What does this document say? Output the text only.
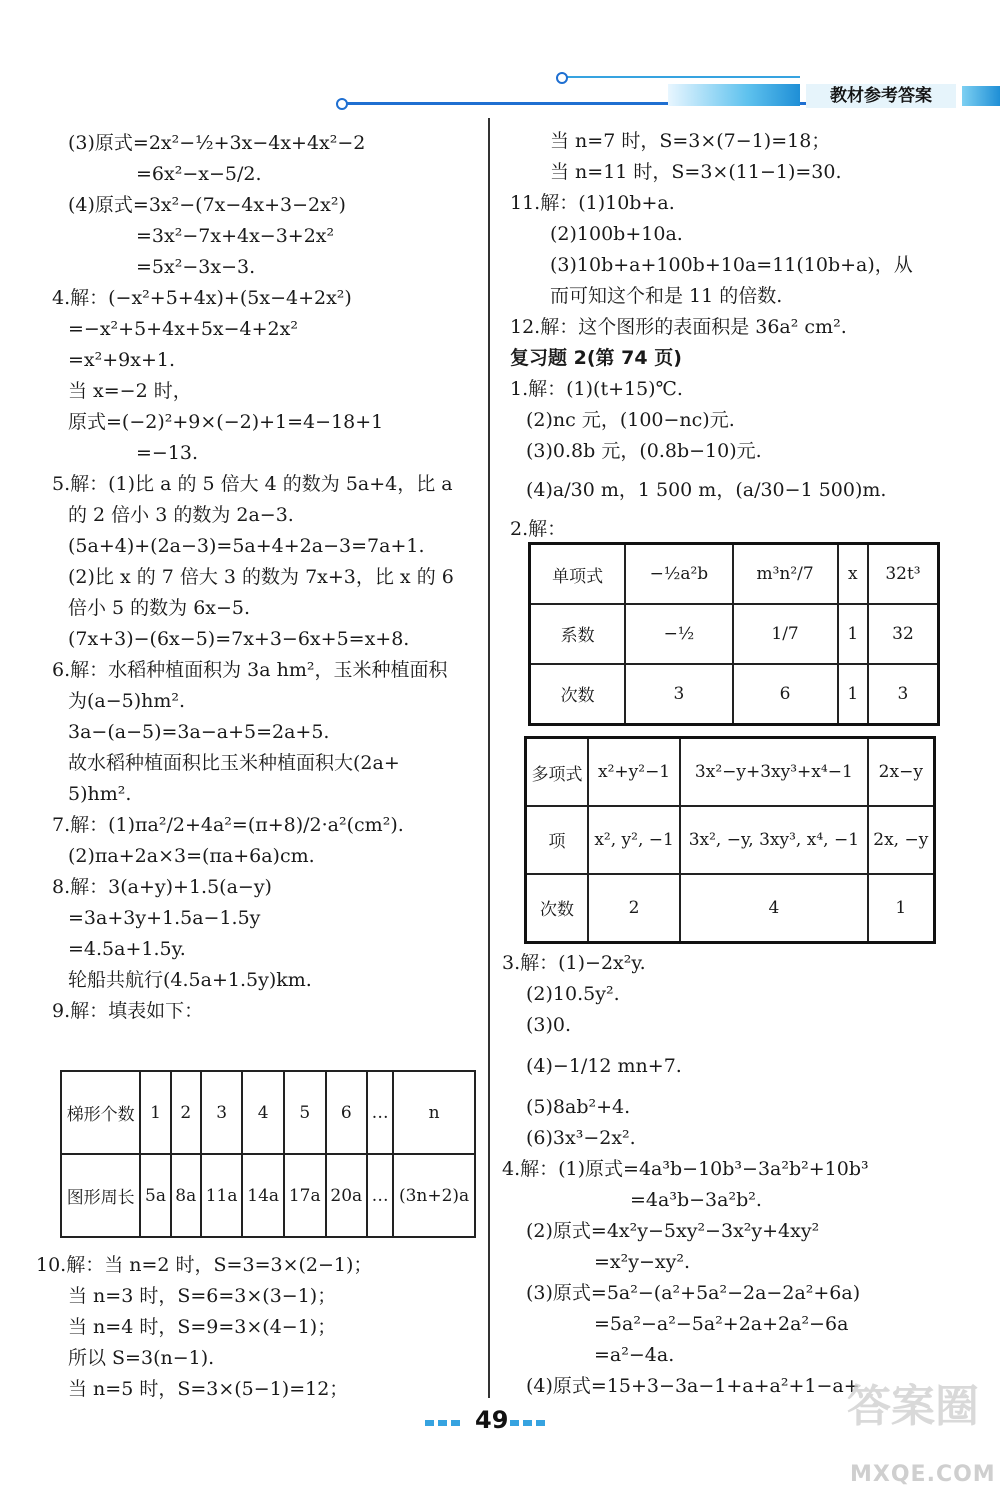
教材参考答案

(3)原式=2x²−½+3x−4x+4x²−2

=6x²−x−5/2.

(4)原式=3x²−(7x−4x+3−2x²)

=3x²−7x+4x−3+2x²

=5x²−3x−3.

4.解：(−x²+5+4x)+(5x−4+2x²)

=−x²+5+4x+5x−4+2x²

=x²+9x+1.

当 x=−2 时，

原式=(−2)²+9×(−2)+1=4−18+1

=−13.

5.解：(1)比 a 的 5 倍大 4 的数为 5a+4，比 a

的 2 倍小 3 的数为 2a−3.

(5a+4)+(2a−3)=5a+4+2a−3=7a+1.

(2)比 x 的 7 倍大 3 的数为 7x+3，比 x 的 6

倍小 5 的数为 6x−5.

(7x+3)−(6x−5)=7x+3−6x+5=x+8.

6.解：水稻种植面积为 3a hm²，玉米种植面积

为(a−5)hm².

3a−(a−5)=3a−a+5=2a+5.

故水稻种植面积比玉米种植面积大(2a+

5)hm².

7.解：(1)πa²/2+4a²=(π+8)/2·a²(cm²).

(2)πa+2a×3=(πa+6a)cm.

8.解：3(a+y)+1.5(a−y)

=3a+3y+1.5a−1.5y

=4.5a+1.5y.

轮船共航行(4.5a+1.5y)km.

9.解：填表如下：

梯形个数	1	2	3	4	5	6	…	n
图形周长	5a	8a	11a	14a	17a	20a	…	(3n+2)a

10.解：当 n=2 时，S=3=3×(2−1)；

当 n=3 时，S=6=3×(3−1)；

当 n=4 时，S=9=3×(4−1)；

所以 S=3(n−1).

当 n=5 时，S=3×(5−1)=12；

当 n=7 时，S=3×(7−1)=18；

当 n=11 时，S=3×(11−1)=30.

11.解：(1)10b+a.

(2)100b+10a.

(3)10b+a+100b+10a=11(10b+a)，从

而可知这个和是 11 的倍数.

12.解：这个图形的表面积是 36a² cm².

复习题 2(第 74 页)

1.解：(1)(t+15)℃.

(2)nc 元，(100−nc)元.

(3)0.8b 元，(0.8b−10)元.

(4)a/30 m，1 500 m，(a/30−1 500)m.

2.解：

单项式	−½a²b	m³n²/7	x	32t³
系数	−½	1/7	1	32
次数	3	6	1	3
多项式	x²+y²−1	3x²−y+3xy³+x⁴−1	2x−y
项	x², y², −1	3x², −y, 3xy³, x⁴, −1	2x, −y
次数	2	4	1

3.解：(1)−2x²y.

(2)10.5y².

(3)0.

(4)−1/12 mn+7.

(5)8ab²+4.

(6)3x³−2x².

4.解：(1)原式=4a³b−10b³−3a²b²+10b³

=4a³b−3a²b².

(2)原式=4x²y−5xy²−3x²y+4xy²

=x²y−xy².

(3)原式=5a²−(a²+5a²−2a−2a²+6a)

=5a²−a²−5a²+2a+2a²−6a

=a²−4a.

(4)原式=15+3−3a−1+a+a²+1−a+

49	答案圈
MXQE.COM
